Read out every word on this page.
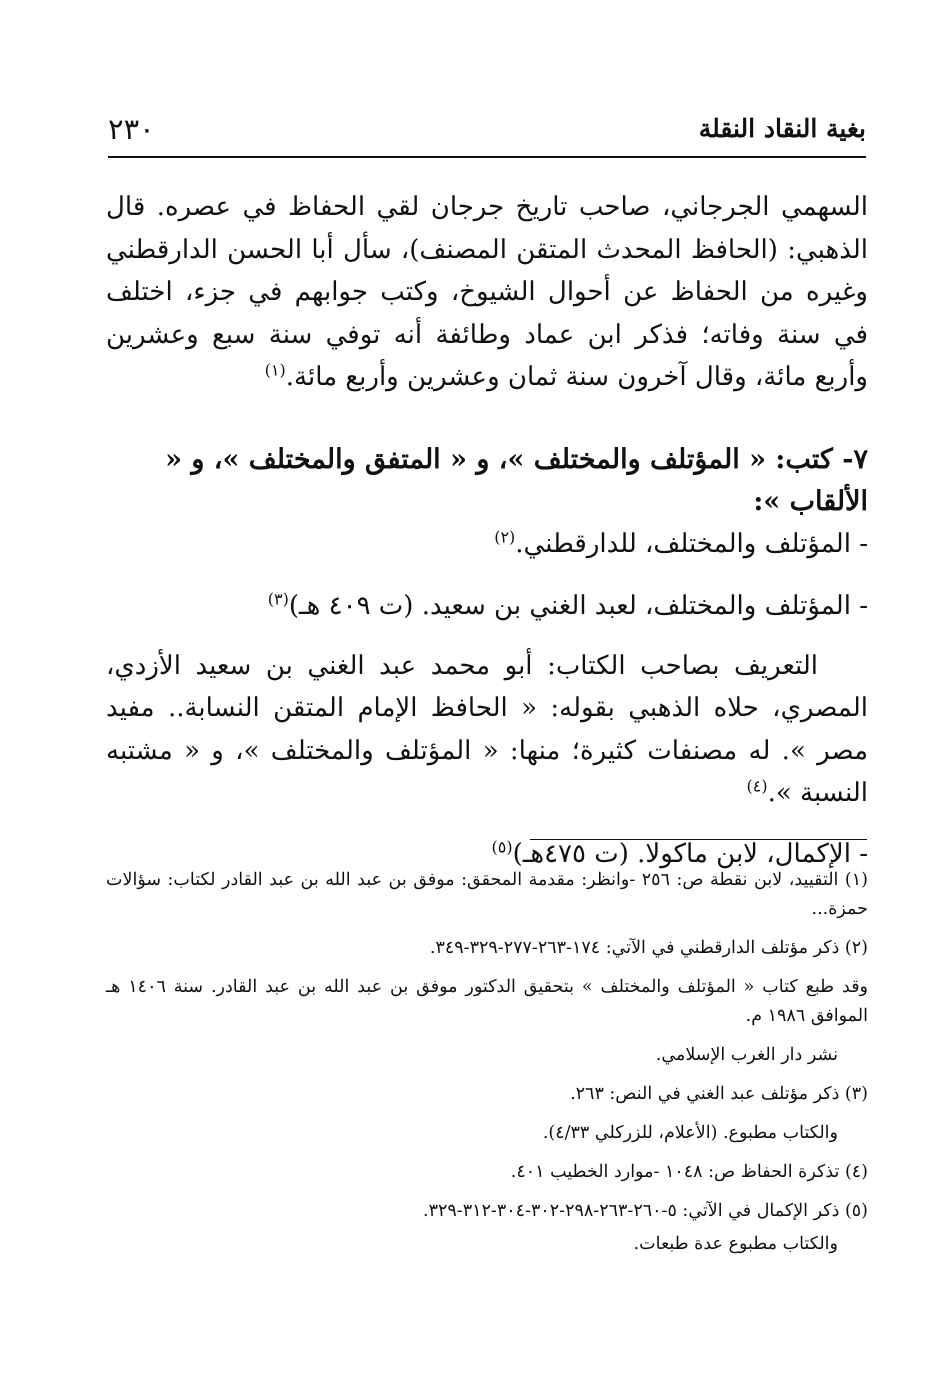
بغية النقاد النقلة
٢٣٠

السهمي الجرجاني، صاحب تاريخ جرجان لقي الحفاظ في عصره. قال الذهبي: (الحافظ المحدث المتقن المصنف)، سأل أبا الحسن الدارقطني وغيره من الحفاظ عن أحوال الشيوخ، وكتب جوابهم في جزء، اختلف في سنة وفاته؛ فذكر ابن عماد وطائفة أنه توفي سنة سبع وعشرين وأربع مائة، وقال آخرون سنة ثمان وعشرين وأربع مائة.$^{(١)}$

٧- كتب: « المؤتلف والمختلف »، و « المتفق والمختلف »، و « الألقاب »:

- المؤتلف والمختلف، للدارقطني.$^{(٢)}$

- المؤتلف والمختلف، لعبد الغني بن سعيد. (ت ٤٠٩ هـ)$^{(٣)}$

التعريف بصاحب الكتاب: أبو محمد عبد الغني بن سعيد الأزدي، المصري، حلاه الذهبي بقوله: « الحافظ الإمام المتقن النسابة.. مفيد مصر ». له مصنفات كثيرة؛ منها: « المؤتلف والمختلف »، و « مشتبه النسبة ».$^{(٤)}$

- الإكمال، لابن ماكولا. (ت ٤٧٥هـ)$^{(٥)}$

(١) التقييد، لابن نقطة ص: ٢٥٦ -وانظر: مقدمة المحقق: موفق بن عبد الله بن عبد القادر لكتاب: سؤالات حمزة...

(٢) ذكر مؤتلف الدارقطني في الآتي: ١٧٤-٢٦٣-٢٧٧-٣٢٩-٣٤٩.

وقد طبع كتاب « المؤتلف والمختلف » بتحقيق الدكتور موفق بن عبد الله بن عبد القادر. سنة ١٤٠٦ هـ الموافق ١٩٨٦ م.

نشر دار الغرب الإسلامي.

(٣) ذكر مؤتلف عبد الغني في النص: ٢٦٣.

والكتاب مطبوع. (الأعلام، للزركلي ٤/٣٣).

(٤) تذكرة الحفاظ ص: ١٠٤٨ -موارد الخطيب ٤٠١.

(٥) ذكر الإكمال في الآتي: ٥-٢٦٠-٢٦٣-٢٩٨-٣٠٢-٣٠٤-٣١٢-٣٢٩.

والكتاب مطبوع عدة طبعات.
